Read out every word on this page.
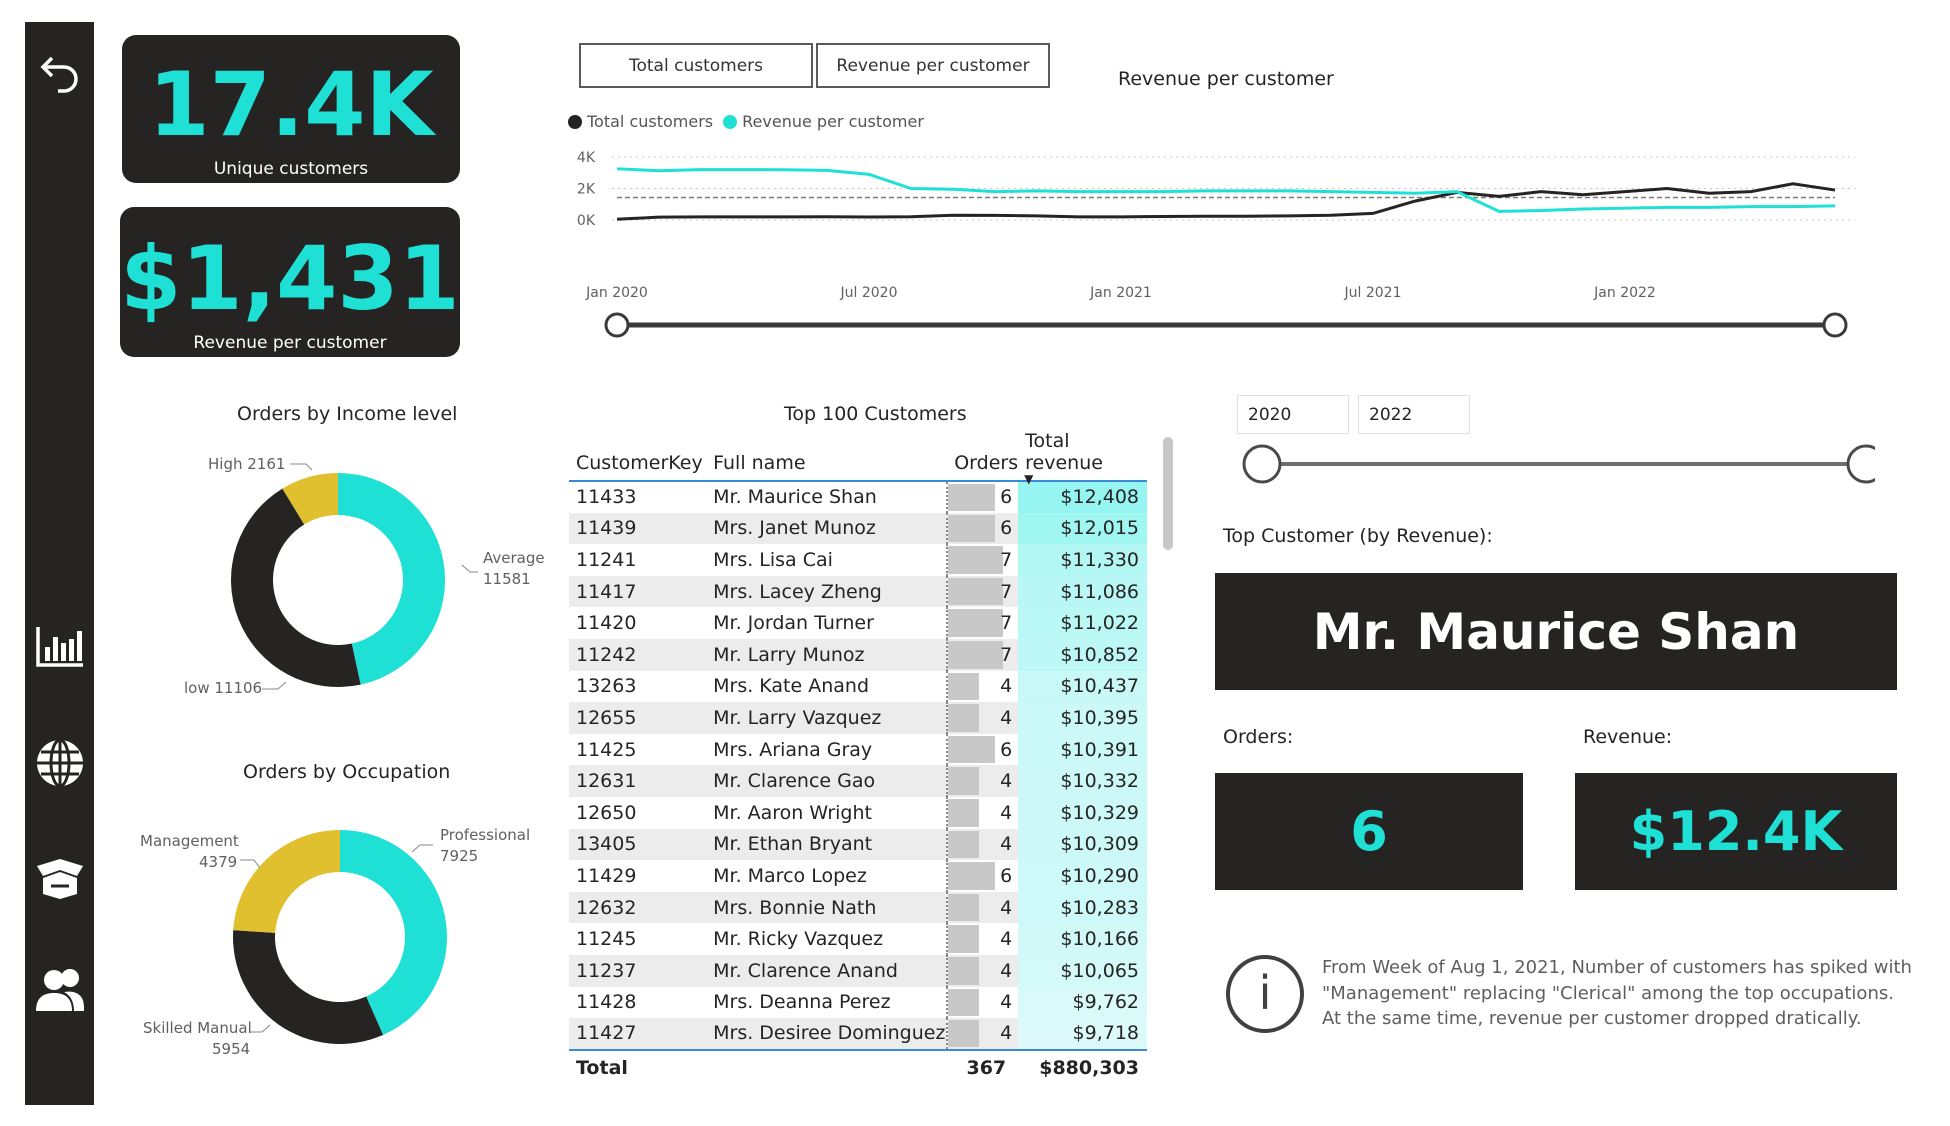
17.4K
Unique customers
$1,431
Revenue per customer
Total customers	Revenue per customer
Revenue per customer
Total customers Revenue per customer
4K
2K
0K
Jan 2020	Jul 2020	Jan 2021	Jul 2021	Jan 2022
Orders by Income level
High 2161
Average
11581
low 11106
Orders by Occupation
Management
4379
Professional
7925
Skilled Manual
5954
Top 100 Customers
CustomerKey	Full name	Orders	Total revenue
▼

11433	Mr. Maurice Shan	6	$12,408
11439	Mrs. Janet Munoz	6	$12,015
11241	Mrs. Lisa Cai	7	$11,330
11417	Mrs. Lacey Zheng	7	$11,086
11420	Mr. Jordan Turner	7	$11,022
11242	Mr. Larry Munoz	7	$10,852
13263	Mrs. Kate Anand	4	$10,437
12655	Mr. Larry Vazquez	4	$10,395
11425	Mrs. Ariana Gray	6	$10,391
12631	Mr. Clarence Gao	4	$10,332
12650	Mr. Aaron Wright	4	$10,329
13405	Mr. Ethan Bryant	4	$10,309
11429	Mr. Marco Lopez	6	$10,290
12632	Mrs. Bonnie Nath	4	$10,283
11245	Mr. Ricky Vazquez	4	$10,166
11237	Mr. Clarence Anand	4	$10,065
11428	Mrs. Deanna Perez	4	$9,762
11427	Mrs. Desiree Dominguez	4	$9,718
Total		367	$880,303
2020	2022
Top Customer (by Revenue):
Mr. Maurice Shan
Orders:	Revenue:
6	$12.4K
i	From Week of Aug 1, 2021, Number of customers has spiked with "Management" replacing "Clerical" among the top occupations. At the same time, revenue per customer dropped dratically.
